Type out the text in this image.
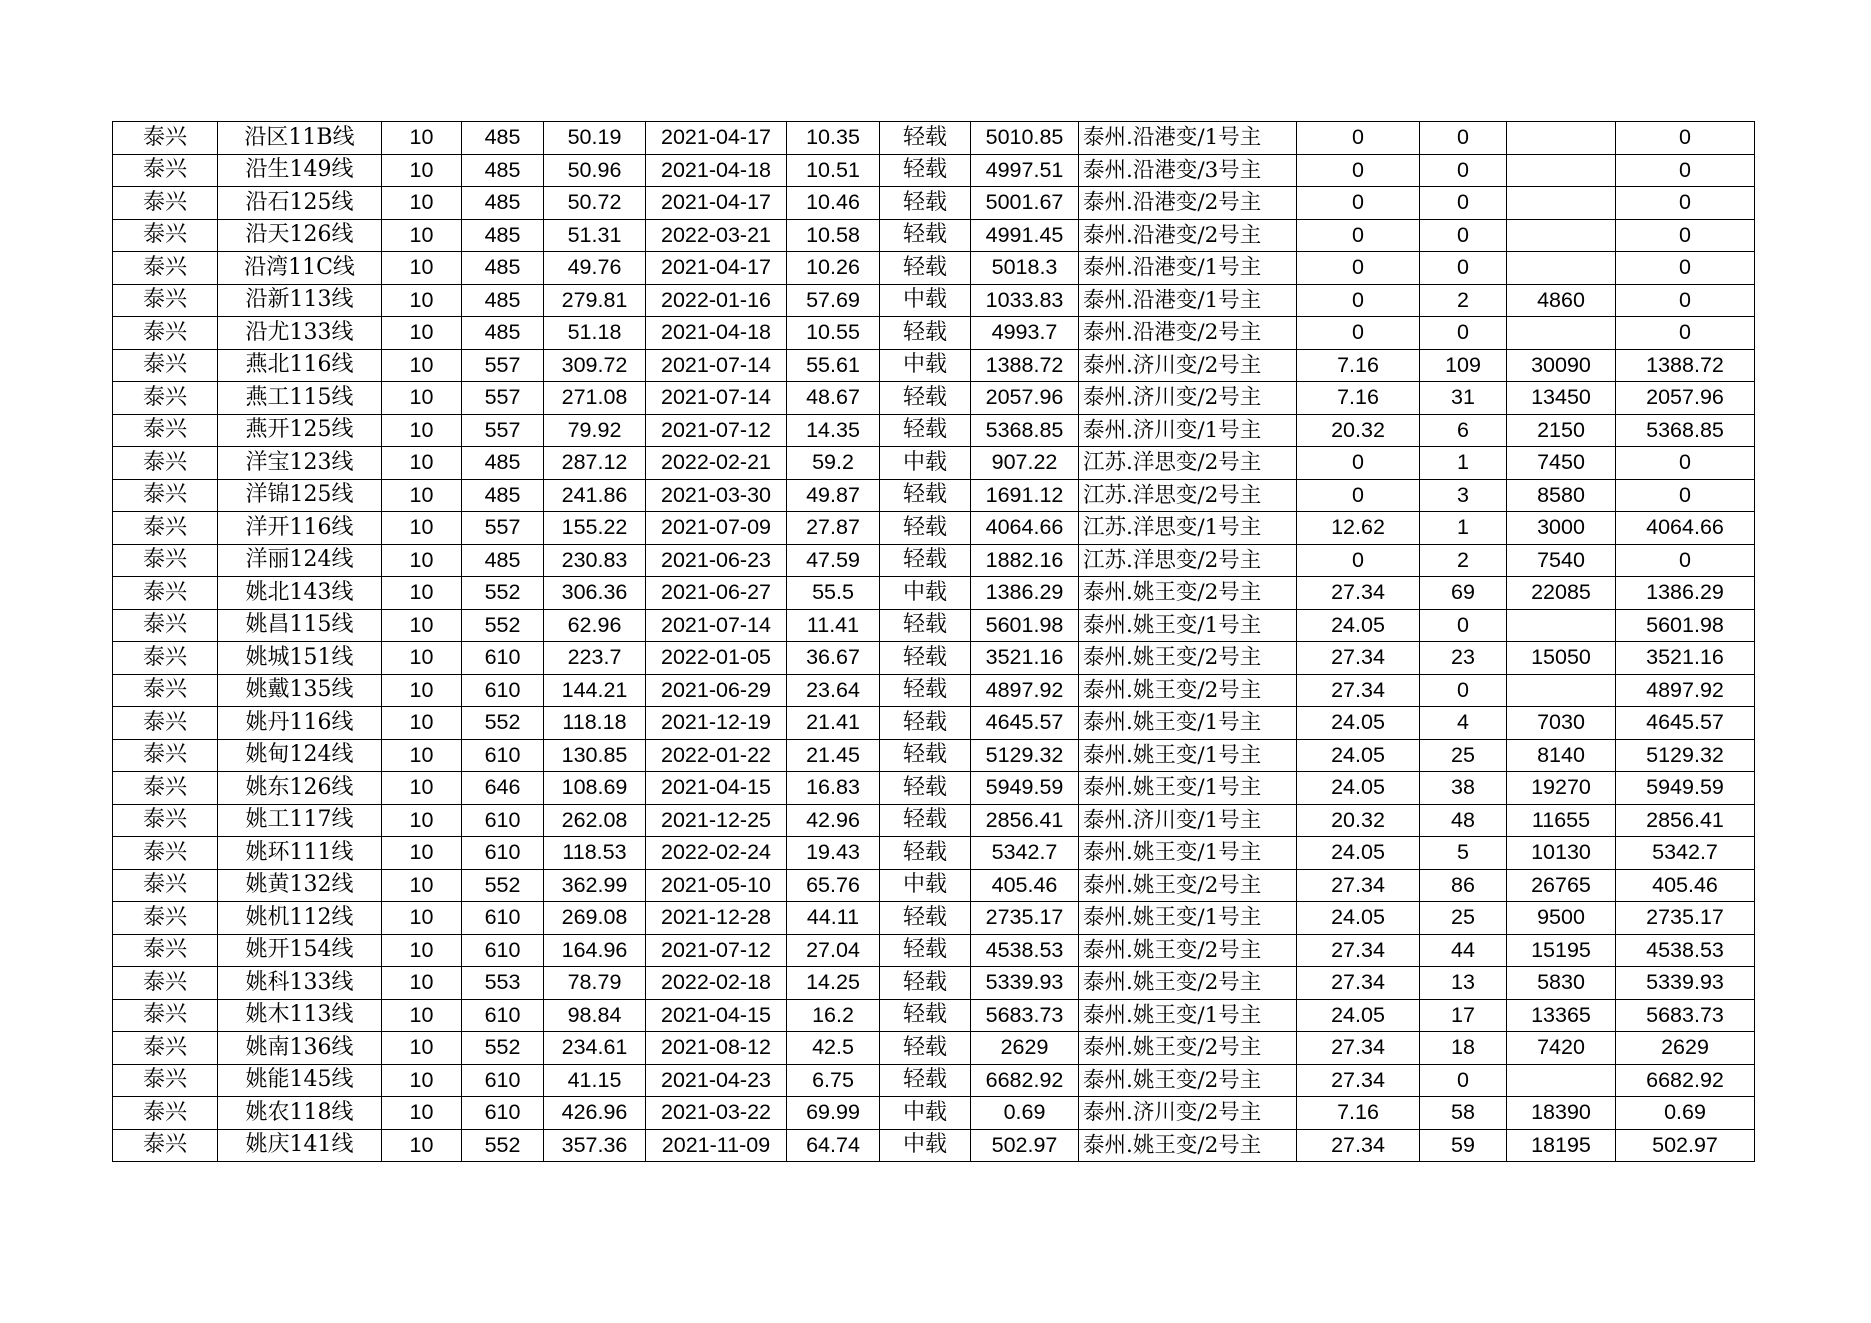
泰兴	沿区11B线	10	485	50.19	2021-04-17	10.35	轻载	5010.85	泰州.沿港变/1号主	0	0		0
泰兴	沿生149线	10	485	50.96	2021-04-18	10.51	轻载	4997.51	泰州.沿港变/3号主	0	0		0
泰兴	沿石125线	10	485	50.72	2021-04-17	10.46	轻载	5001.67	泰州.沿港变/2号主	0	0		0
泰兴	沿天126线	10	485	51.31	2022-03-21	10.58	轻载	4991.45	泰州.沿港变/2号主	0	0		0
泰兴	沿湾11C线	10	485	49.76	2021-04-17	10.26	轻载	5018.3	泰州.沿港变/1号主	0	0		0
泰兴	沿新113线	10	485	279.81	2022-01-16	57.69	中载	1033.83	泰州.沿港变/1号主	0	2	4860	0
泰兴	沿尤133线	10	485	51.18	2021-04-18	10.55	轻载	4993.7	泰州.沿港变/2号主	0	0		0
泰兴	燕北116线	10	557	309.72	2021-07-14	55.61	中载	1388.72	泰州.济川变/2号主	7.16	109	30090	1388.72
泰兴	燕工115线	10	557	271.08	2021-07-14	48.67	轻载	2057.96	泰州.济川变/2号主	7.16	31	13450	2057.96
泰兴	燕开125线	10	557	79.92	2021-07-12	14.35	轻载	5368.85	泰州.济川变/1号主	20.32	6	2150	5368.85
泰兴	洋宝123线	10	485	287.12	2022-02-21	59.2	中载	907.22	江苏.洋思变/2号主	0	1	7450	0
泰兴	洋锦125线	10	485	241.86	2021-03-30	49.87	轻载	1691.12	江苏.洋思变/2号主	0	3	8580	0
泰兴	洋开116线	10	557	155.22	2021-07-09	27.87	轻载	4064.66	江苏.洋思变/1号主	12.62	1	3000	4064.66
泰兴	洋丽124线	10	485	230.83	2021-06-23	47.59	轻载	1882.16	江苏.洋思变/2号主	0	2	7540	0
泰兴	姚北143线	10	552	306.36	2021-06-27	55.5	中载	1386.29	泰州.姚王变/2号主	27.34	69	22085	1386.29
泰兴	姚昌115线	10	552	62.96	2021-07-14	11.41	轻载	5601.98	泰州.姚王变/1号主	24.05	0		5601.98
泰兴	姚城151线	10	610	223.7	2022-01-05	36.67	轻载	3521.16	泰州.姚王变/2号主	27.34	23	15050	3521.16
泰兴	姚戴135线	10	610	144.21	2021-06-29	23.64	轻载	4897.92	泰州.姚王变/2号主	27.34	0		4897.92
泰兴	姚丹116线	10	552	118.18	2021-12-19	21.41	轻载	4645.57	泰州.姚王变/1号主	24.05	4	7030	4645.57
泰兴	姚甸124线	10	610	130.85	2022-01-22	21.45	轻载	5129.32	泰州.姚王变/1号主	24.05	25	8140	5129.32
泰兴	姚东126线	10	646	108.69	2021-04-15	16.83	轻载	5949.59	泰州.姚王变/1号主	24.05	38	19270	5949.59
泰兴	姚工117线	10	610	262.08	2021-12-25	42.96	轻载	2856.41	泰州.济川变/1号主	20.32	48	11655	2856.41
泰兴	姚环111线	10	610	118.53	2022-02-24	19.43	轻载	5342.7	泰州.姚王变/1号主	24.05	5	10130	5342.7
泰兴	姚黄132线	10	552	362.99	2021-05-10	65.76	中载	405.46	泰州.姚王变/2号主	27.34	86	26765	405.46
泰兴	姚机112线	10	610	269.08	2021-12-28	44.11	轻载	2735.17	泰州.姚王变/1号主	24.05	25	9500	2735.17
泰兴	姚开154线	10	610	164.96	2021-07-12	27.04	轻载	4538.53	泰州.姚王变/2号主	27.34	44	15195	4538.53
泰兴	姚科133线	10	553	78.79	2022-02-18	14.25	轻载	5339.93	泰州.姚王变/2号主	27.34	13	5830	5339.93
泰兴	姚木113线	10	610	98.84	2021-04-15	16.2	轻载	5683.73	泰州.姚王变/1号主	24.05	17	13365	5683.73
泰兴	姚南136线	10	552	234.61	2021-08-12	42.5	轻载	2629	泰州.姚王变/2号主	27.34	18	7420	2629
泰兴	姚能145线	10	610	41.15	2021-04-23	6.75	轻载	6682.92	泰州.姚王变/2号主	27.34	0		6682.92
泰兴	姚农118线	10	610	426.96	2021-03-22	69.99	中载	0.69	泰州.济川变/2号主	7.16	58	18390	0.69
泰兴	姚庆141线	10	552	357.36	2021-11-09	64.74	中载	502.97	泰州.姚王变/2号主	27.34	59	18195	502.97
